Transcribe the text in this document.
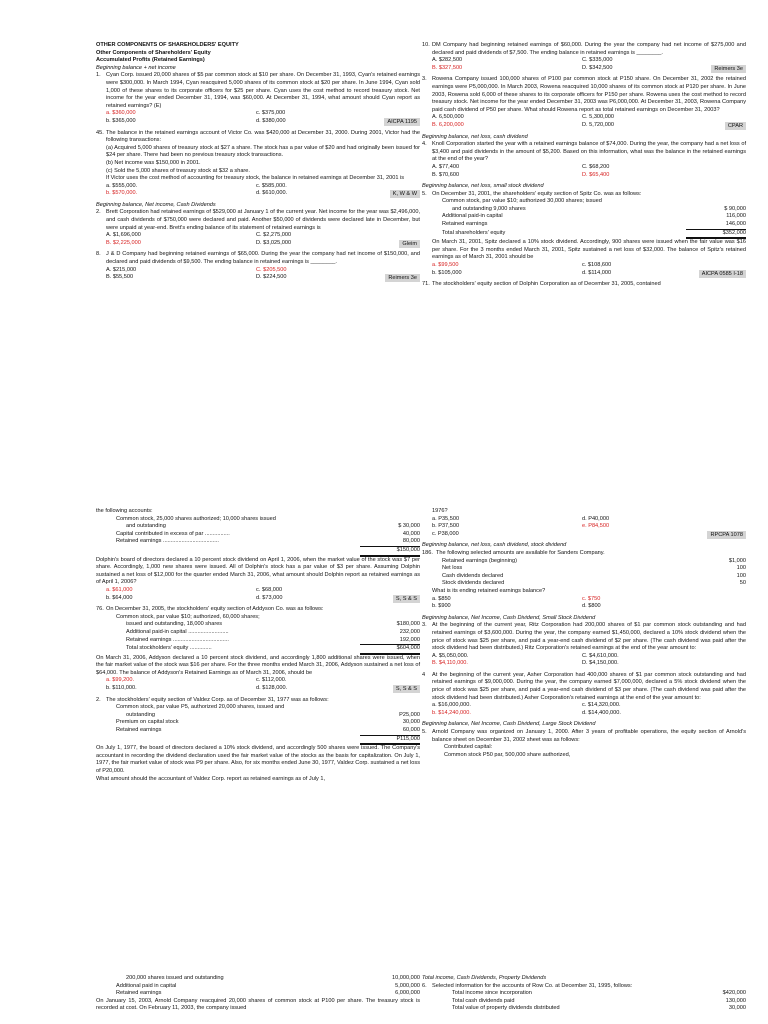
OTHER COMPONENTS OF SHAREHOLDERS' EQUITY
Other Components of Shareholders' Equity
Accumulated Profits (Retained Earnings)
Beginning balance + net income
1. Cyan Corp. issued 20,000 shares of $5 par common stock at $10 per share. On December 31, 1993, Cyan's retained earnings were $300,000. In March 1994, Cyan reacquired 5,000 shares of its common stock at $20 per share. In June 1994, Cyan sold 1,000 of these shares to its corporate officers for $25 per share. Cyan uses the cost method to record treasury stock. Net income for the year ended December 31, 1994, was $60,000. At December 31, 1994, what amount should Cyan report as retained earnings? (E)
a. $360,000	c. $375,000
b. $365,000	d. $380,000	AICPA 1195
45. The balance in the retained earnings account of Victor Co. was $420,000 at December 31, 2000. During 2001, Victor had the following transactions:
(a) Acquired 5,000 shares of treasury stock at $27 a share. The stock has a par value of $20 and had originally been issued for $24 per share. There had been no previous treasury stock transactions.
(b) Net income was $150,000 in 2001.
(c) Sold the 5,000 shares of treasury stock at $32 a share.
If Victor uses the cost method of accounting for treasury stock, the balance in retained earnings at December 31, 2001 is
a. $555,000.	c. $585,000.
b. $570,000.	d. $610,000.	K, W & W
Beginning balance, Net income, Cash Dividends
2. Brett Corporation had retained earnings of $529,000 at January 1 of the current year. Net income for the year was $2,496,000, and cash dividends of $750,000 were declared and paid. Another $50,000 of dividends were declared late in December, but were unpaid at year-end. Brett's ending balance of its statement of retained earnings is
A. $1,696,000	C. $2,275,000
B. $2,225,000	D. $3,025,000	Gleim
8. J & D Company had beginning retained earnings of $65,000. During the year the company had net income of $150,000, and declared and paid dividends of $9,500. The ending balance in retained earnings is ________.
A. $215,000	C. $205,500
B. $55,500	D. $224,500	Reimers 3e
10. DM Company had beginning retained earnings of $60,000. During the year the company had net income of $275,000 and declared and paid dividends of $7,500. The ending balance in retained earnings is ________.
A. $282,500	C. $335,000
B. $327,500	D. $342,500	Reimers 3e
3. Rowena Company issued 100,000 shares of P100 par common stock at P150 share. On December 31, 2002 the retained earnings were P5,000,000. In March 2003, Rowena reacquired 10,000 shares of its common stock at P120 per share. In June 2003, Rowena sold 6,000 of these shares to its corporate officers for P150 per share. Rowena uses the cost method to record treasury stock. Net income for the year ended December 31, 2003 was P6,000,000. At December 31, 2003, Rowena Company paid cash dividend of P50 per share. What should Rowena report as total retained earnings on December 31, 2003?
A. 6,500,000	C. 5,300,000
B. 6,200,000	D. 5,720,000	CPAR
Beginning balance, net loss, cash dividend
4. Knoll Corporation started the year with a retained earnings balance of $74,000. During the year, the company had a net loss of $3,400 and paid dividends in the amount of $5,200. Based on this information, what was the balance in the retained earnings at the end of the year?
A. $77,400	C. $68,200
B. $70,600	D. $65,400
Beginning balance, net loss, small stock dividend
5. On December 31, 2001, the shareholders' equity section of Spitz Co. was as follows:
Common stock, par value $10; authorized 30,000 shares; issued
and outstanding 9,000 shares	$ 90,000
Additional paid-in capital	116,000
Retained earnings	146,000
Total shareholders' equity	$352,000
On March 31, 2001, Spitz declared a 10% stock dividend. Accordingly, 900 shares were issued when the fair value was $16 per share. For the 3 months ended March 31, 2001, Spitz sustained a net loss of $32,000. The balance of Spitz's retained earnings as of March 31, 2001 should be
a. $99,500	c. $108,600
b. $105,000	d. $114,000	AICPA 0585 I-18
71. The stockholders' equity section of Dolphin Corporation as of December 31, 2005, contained
the following accounts:
Common stock, 25,000 shares authorized; 10,000 shares issued
and outstanding	$ 30,000
Capital contributed in excess of par ................	40,000
Retained earnings ....................................	80,000
$150,000
Dolphin's board of directors declared a 10 percent stock dividend on April 1, 2006, when the market value of the stock was $7 per share. Accordingly, 1,000 new shares were issued. All of Dolphin's stock has a par value of $3 per share. Assuming Dolphin sustained a net loss of $12,000 for the quarter ended March 31, 2006, what amount should Dolphin report as retained earnings as of April 1, 2006?
a. $61,000	c. $68,000
b. $64,000	d. $73,000	S, S & S
76. On December 31, 2005, the stockholders' equity section of Addyson Co. was as follows:
Common stock, par value $10; authorized, 60,000 shares;
issued and outstanding, 18,000 shares	$180,000
Additional paid-in capital ..........................	232,000
Retained earnings ....................................	192,000
Total stockholders' equity ..............	$604,000
On March 31, 2006, Addyson declared a 10 percent stock dividend, and accordingly 1,800 additional shares were issued, when the fair market value of the stock was $16 per share. For the three months ended March 31, 2006, Addyson sustained a net loss of $64,000. The balance of Addyson's Retained Earnings as of March 31, 2006, should be
a. $99,200.	c. $112,000.
b. $110,000.	d. $128,000.	S, S & S
2. The stockholders' equity section of Valdez Corp. as of December 31, 1977 was as follows:
Common stock, par value P5, authorized 20,000 shares, issued and
outstanding	P25,000
Premium on capital stock	30,000
Retained earnings	60,000
P115,000
On July 1, 1977, the board of directors declared a 10% stock dividend, and accordingly 500 shares were issued. The Company's accountant in recording the dividend declaration used the fair market value of the stocks as the basis for capitalization. On July 1, 1977, the fair market value of stock was P9 per share. Also, for six months ended June 30, 1977, Valdez Corp. sustained a net loss of P20,000.
What amount should the accountant of Valdez Corp. report as retained earnings as of July 1,
1976?
a. P35,500	d. P40,000
b. P37,500	e. P84,500
c. P38,000	RPCPA 1078
Beginning balance, net loss, cash dividend, stock dividend
186. The following selected amounts are available for Sanders Company.
Retained earnings (beginning)	$1,000
Net loss	100
Cash dividends declared	100
Stock dividends declared	50
What is its ending retained earnings balance?
a. $850	c. $750
b. $900	d. $800
Beginning balance, Net Income, Cash Dividend, Small Stock Dividend
3. At the beginning of the current year, Ritz Corporation had 200,000 shares of $1 par common stock outstanding and had retained earnings of $3,600,000. During the year, the company earned $1,450,000, declared a 10% stock dividend when the price of stock was $25 per share, and paid a year-end cash dividend of $2 per share. (The cash dividend was paid after the stock dividend had been distributed.) Ritz Corporation's retained earnings at the end of the year amount to:
A. $5,050,000.	C. $4,610,000.
B. $4,110,000.	D. $4,150,000.
4	At the beginning of the current year, Asher Corporation had 400,000 shares of $1 par common stock outstanding and had retained earnings of $9,000,000. During the year, the company earned $7,000,000, declared a 5% stock dividend when the price of stock was $25 per share, and paid a year-end cash dividend of $3 per share. (The cash dividend was paid after the stock dividend had been distributed.) Asher Corporation's retained earnings at the end of the year amount to:
a. $16,000,000.	c. $14,320,000.
b. $14,240,000.	d. $14,400,000.
Beginning balance, Net Income, Cash Dividend, Large Stock Dividend
5. Arnold Company was organized on January 1, 2000. After 3 years of profitable operations, the equity section of Arnold's balance sheet on December 31, 2002 sheet was as follows:
Contributed capital:
Common stock P50 par, 500,000 share authorized,
200,000 shares issued and outstanding	10,000,000
Additional paid in capital	5,000,000
Retained earnings	6,000,000
On January 15, 2003, Arnold Company reacquired 20,000 shares of common stock at P100 per share. The treasury stock is recorded at cost. On February 11, 2003, the company issued
Total income, Cash Dividends, Property Dividends
6. Selected information for the accounts of Row Co. at December 31, 1995, follows:
Total income since incorporation	$420,000
Total cash dividends paid	130,000
Total value of property dividends distributed	30,000
